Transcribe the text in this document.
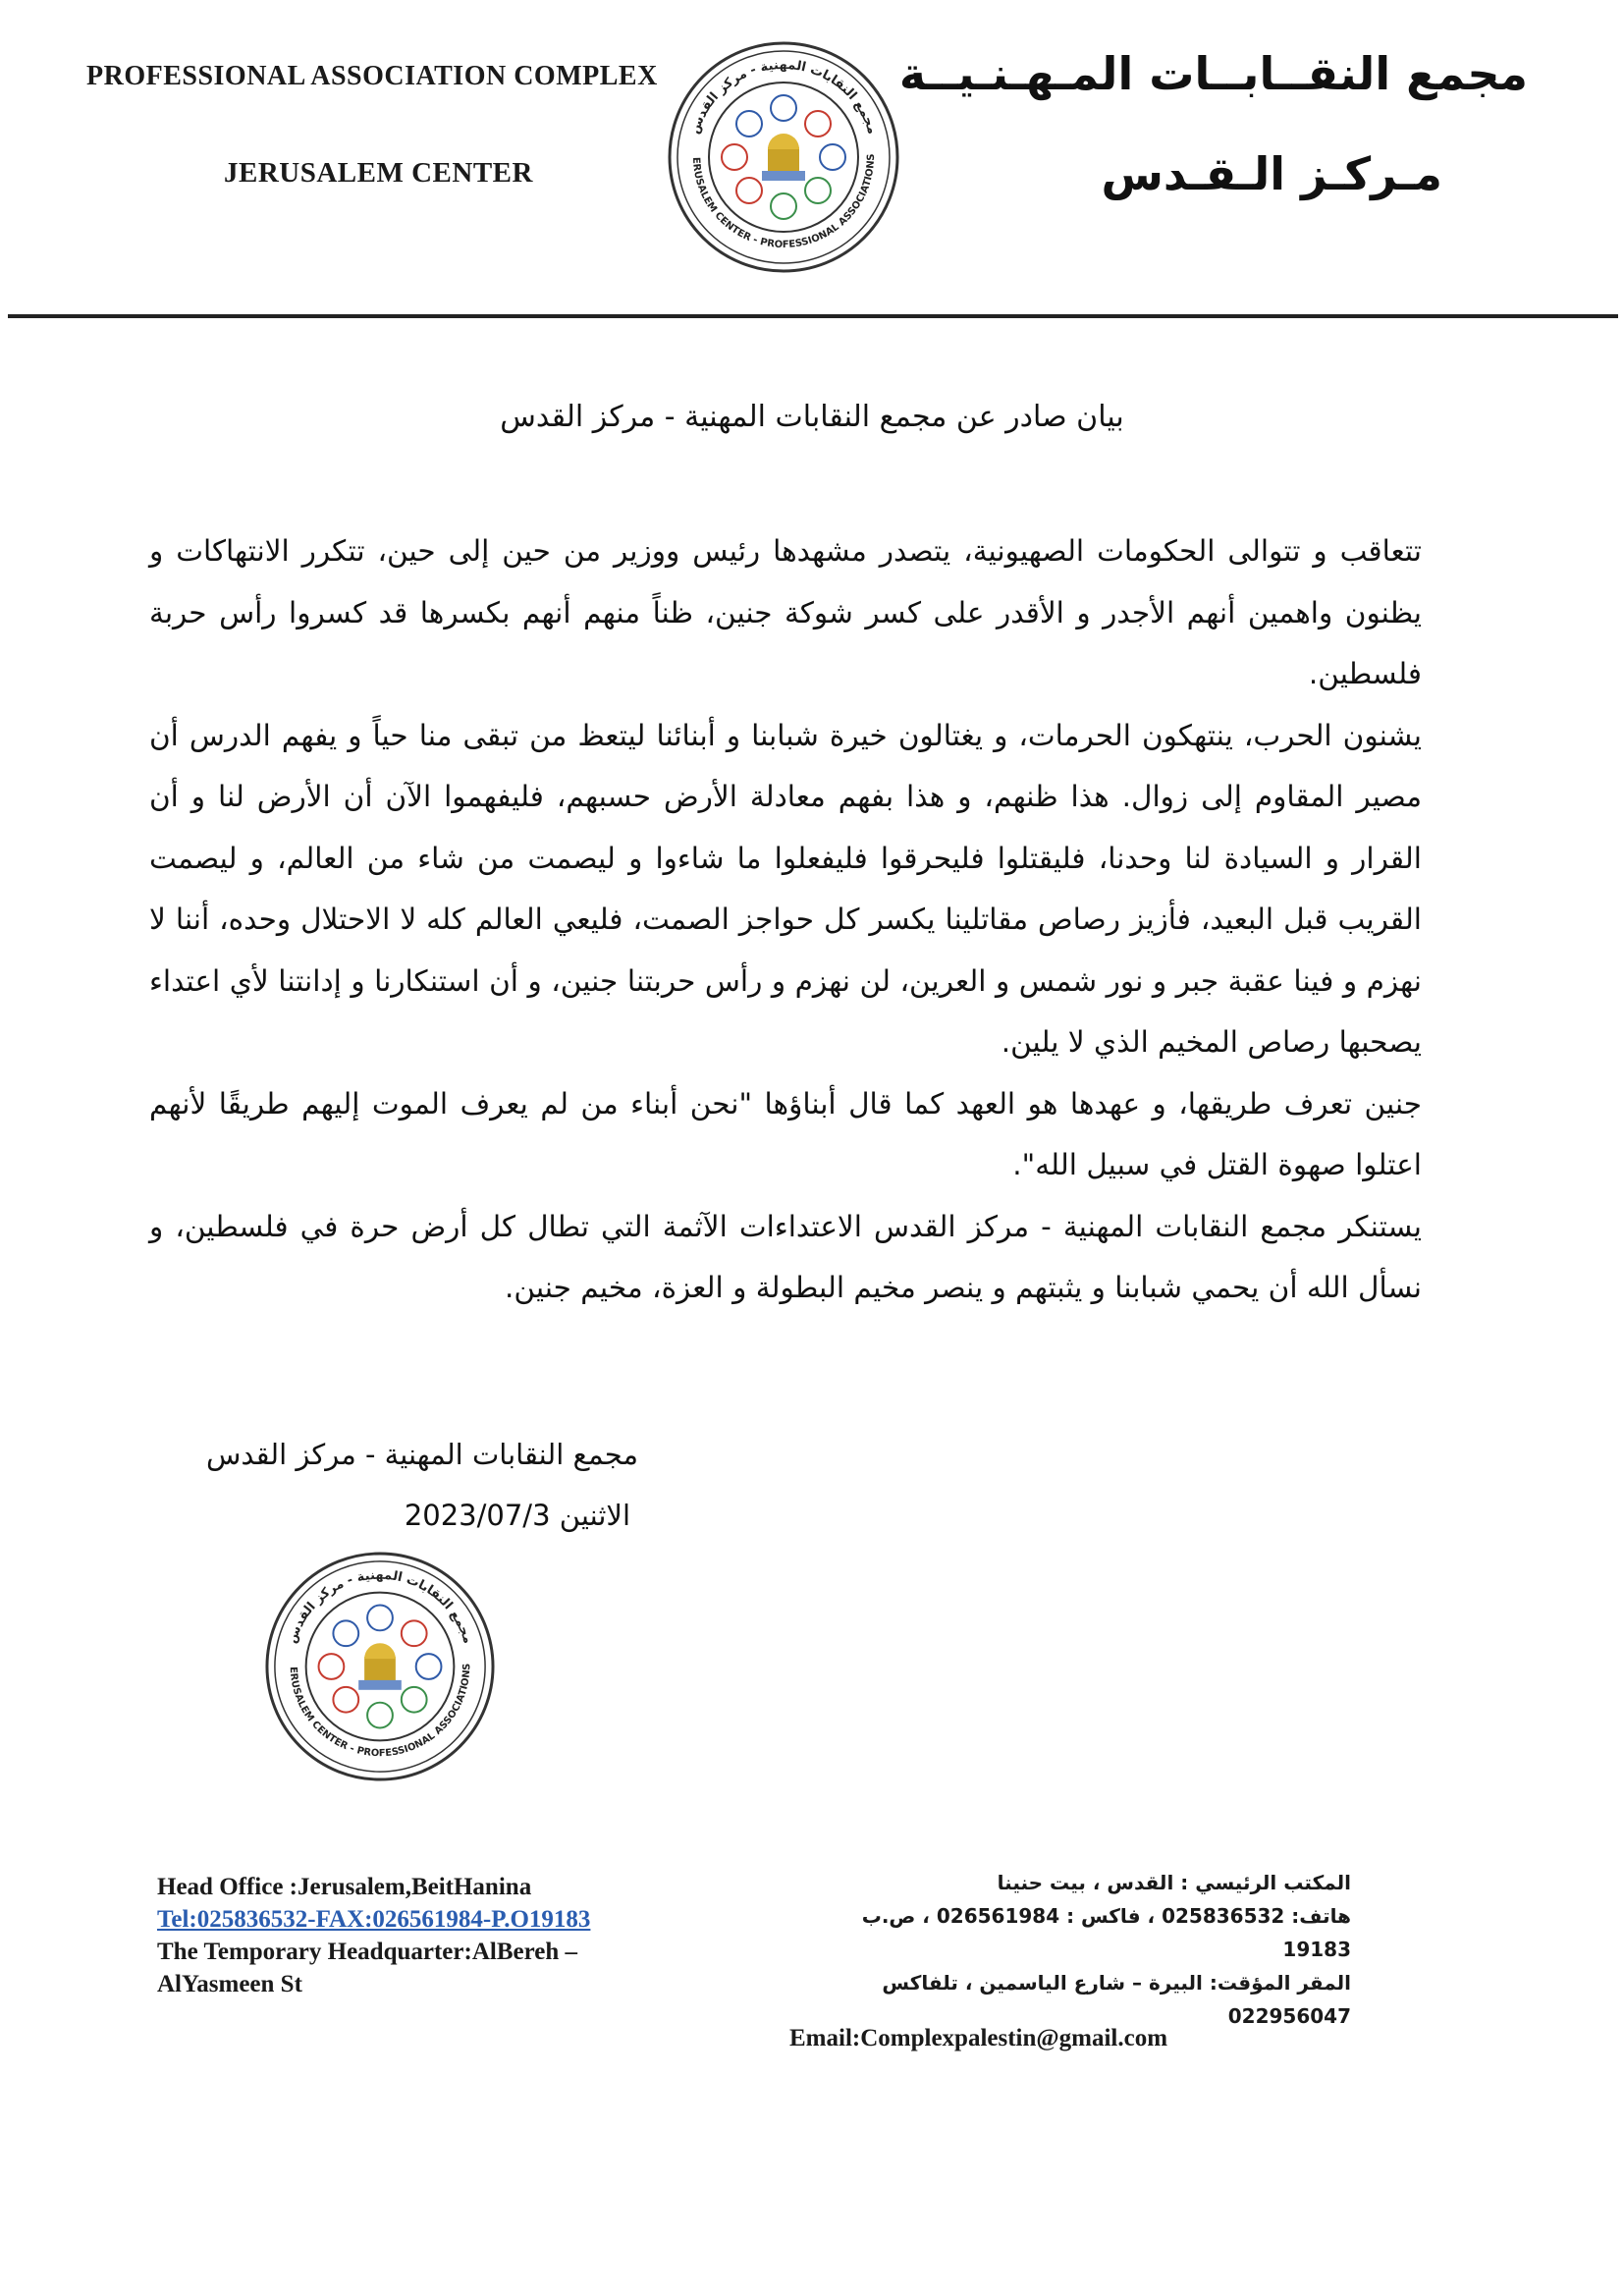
PROFESSIONAL ASSOCIATION COMPLEX
JERUSALEM CENTER
مجمع النقــابــات المـهـنـيــة
مـركـز الـقـدس
مجمع النقابات المهنية - مركز القدس
ERUSALEM CENTER - PROFESSIONAL ASSOCIATIONS
بيان صادر عن مجمع النقابات المهنية - مركز القدس

تتعاقب و تتوالى الحكومات الصهيونية، يتصدر مشهدها رئيس ووزير من حين إلى حين، تتكرر الانتهاكات و يظنون واهمين أنهم الأجدر و الأقدر على كسر شوكة جنين، ظناً منهم أنهم بكسرها قد كسروا رأس حربة فلسطين.

يشنون الحرب، ينتهكون الحرمات، و يغتالون خيرة شبابنا و أبنائنا ليتعظ من تبقى منا حياً و يفهم الدرس أن مصير المقاوم إلى زوال. هذا ظنهم، و هذا بفهم معادلة الأرض حسبهم، فليفهموا الآن أن الأرض لنا و أن القرار و السيادة لنا وحدنا، فليقتلوا فليحرقوا فليفعلوا ما شاءوا و ليصمت من شاء من العالم، و ليصمت القريب قبل البعيد، فأزيز رصاص مقاتلينا يكسر كل حواجز الصمت، فليعي العالم كله لا الاحتلال وحده، أننا لا نهزم و فينا عقبة جبر و نور شمس و العرين، لن نهزم و رأس حربتنا جنين، و أن استنكارنا و إدانتنا لأي اعتداء يصحبها رصاص المخيم الذي لا يلين.

جنين تعرف طريقها، و عهدها هو العهد كما قال أبناؤها "نحن أبناء من لم يعرف الموت إليهم طريقًا لأنهم اعتلوا صهوة القتل في سبيل الله".

يستنكر مجمع النقابات المهنية - مركز القدس الاعتداءات الآثمة التي تطال كل أرض حرة في فلسطين، و نسأل الله أن يحمي شبابنا و يثبتهم و ينصر مخيم البطولة و العزة، مخيم جنين.

مجمع النقابات المهنية - مركز القدس
الاثنين 2023/07/3
مجمع النقابات المهنية - مركز القدس
ERUSALEM CENTER - PROFESSIONAL ASSOCIATIONS
Head Office :Jerusalem,BeitHanina
Tel:025836532-FAX:026561984-P.O19183
The Temporary Headquarter:AlBereh –
AlYasmeen St
المكتب الرئيسي : القدس ، بيت حنينا
هاتف: 025836532 ، فاكس : 026561984 ، ص.ب
19183
المقر المؤقت: البيرة – شارع الياسمين ، تلفاكس
022956047
Email:Complexpalestin@gmail.com
